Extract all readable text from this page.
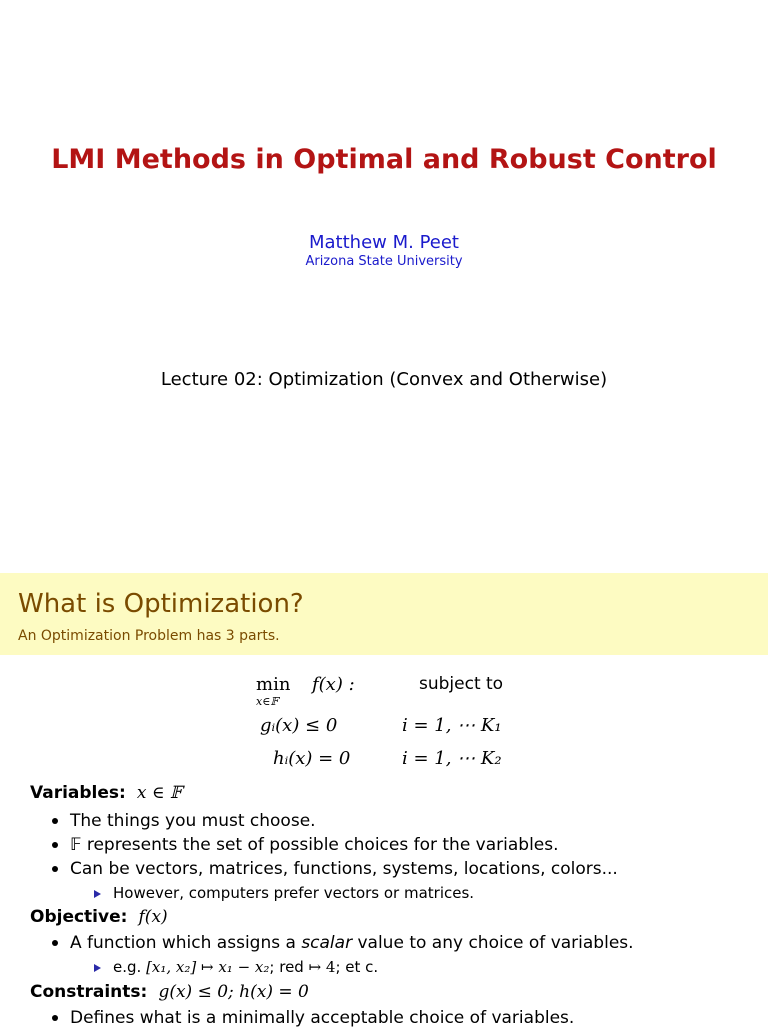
LMI Methods in Optimal and Robust Control
Matthew M. Peet
Arizona State University
Lecture 02: Optimization (Convex and Otherwise)
What is Optimization?
An Optimization Problem has 3 parts.
min
x∈𝔽
f(x) :	subject to
gᵢ(x) ≤ 0	i = 1, ⋯ K₁
hᵢ(x) = 0	i = 1, ⋯ K₂
Variables: x ∈ 𝔽
The things you must choose.
𝔽 represents the set of possible choices for the variables.
Can be vectors, matrices, functions, systems, locations, colors...
However, computers prefer vectors or matrices.
Objective: f(x)
A function which assigns a scalar value to any choice of variables.
e.g. [x₁, x₂] ↦ x₁ − x₂; red ↦ 4; et c.
Constraints: g(x) ≤ 0; h(x) = 0
Defines what is a minimally acceptable choice of variables.
